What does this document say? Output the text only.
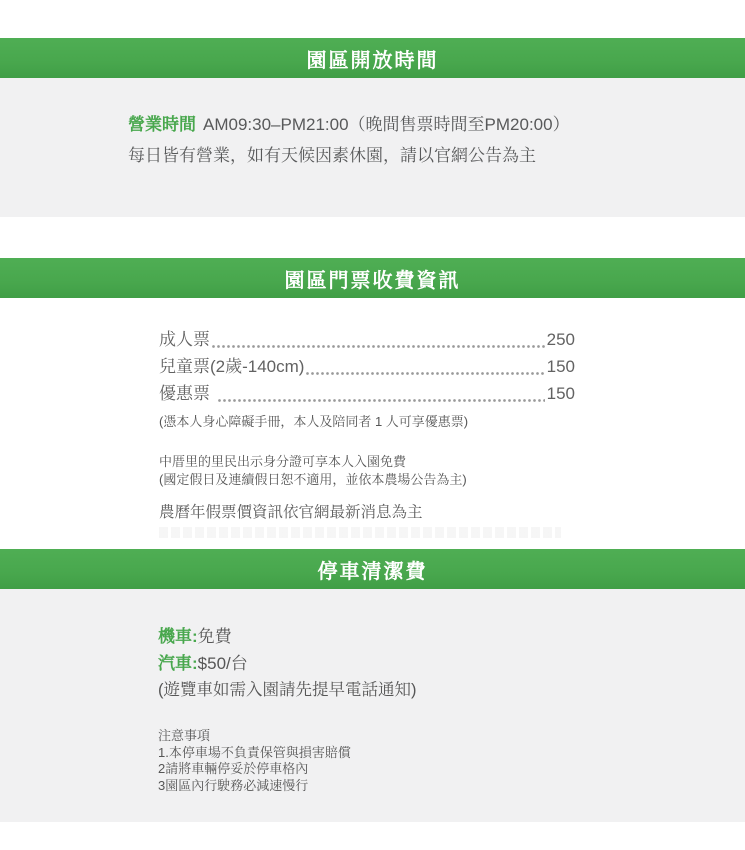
園區開放時間
營業時間 AM09:30–PM21:00（晚間售票時間至PM20:00）
每日皆有營業，如有天候因素休園，請以官網公告為主
園區門票收費資訊
成人票	250
兒童票(2歲-140cm)	150
優惠票	150
(憑本人身心障礙手冊，本人及陪同者 1 人可享優惠票)
中厝里的里民出示身分證可享本人入園免費
(國定假日及連續假日恕不適用，並依本農場公告為主)
農曆年假票價資訊依官網最新消息為主
停車清潔費
機車:免費
汽車:$50/台
(遊覽車如需入園請先提早電話通知)
注意事項
1.本停車場不負責保管與損害賠償
2請將車輛停妥於停車格內
3園區內行駛務必減速慢行
